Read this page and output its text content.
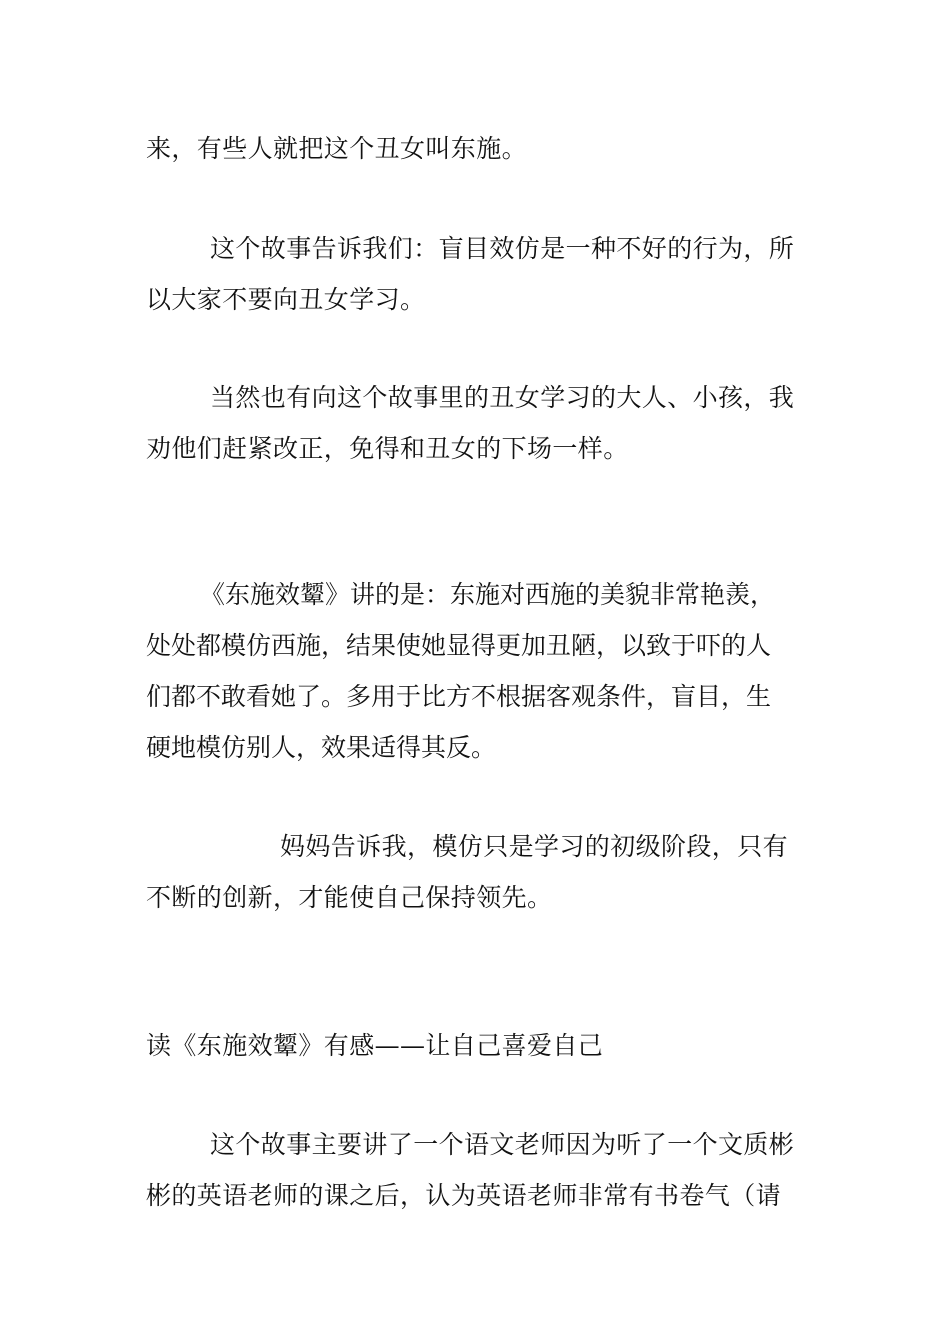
来，有些人就把这个丑女叫东施。
这个故事告诉我们：盲目效仿是一种不好的行为，所
以大家不要向丑女学习。
当然也有向这个故事里的丑女学习的大人、小孩，我
劝他们赶紧改正，免得和丑女的下场一样。
《东施效颦》讲的是：东施对西施的美貌非常艳羡，
处处都模仿西施，结果使她显得更加丑陋，以致于吓的人
们都不敢看她了。多用于比方不根据客观条件，盲目，生
硬地模仿别人，效果适得其反。
妈妈告诉我，模仿只是学习的初级阶段，只有
不断的创新，才能使自己保持领先。
读《东施效颦》有感——让自己喜爱自己
这个故事主要讲了一个语文老师因为听了一个文质彬
彬的英语老师的课之后，认为英语老师非常有书卷气（请
